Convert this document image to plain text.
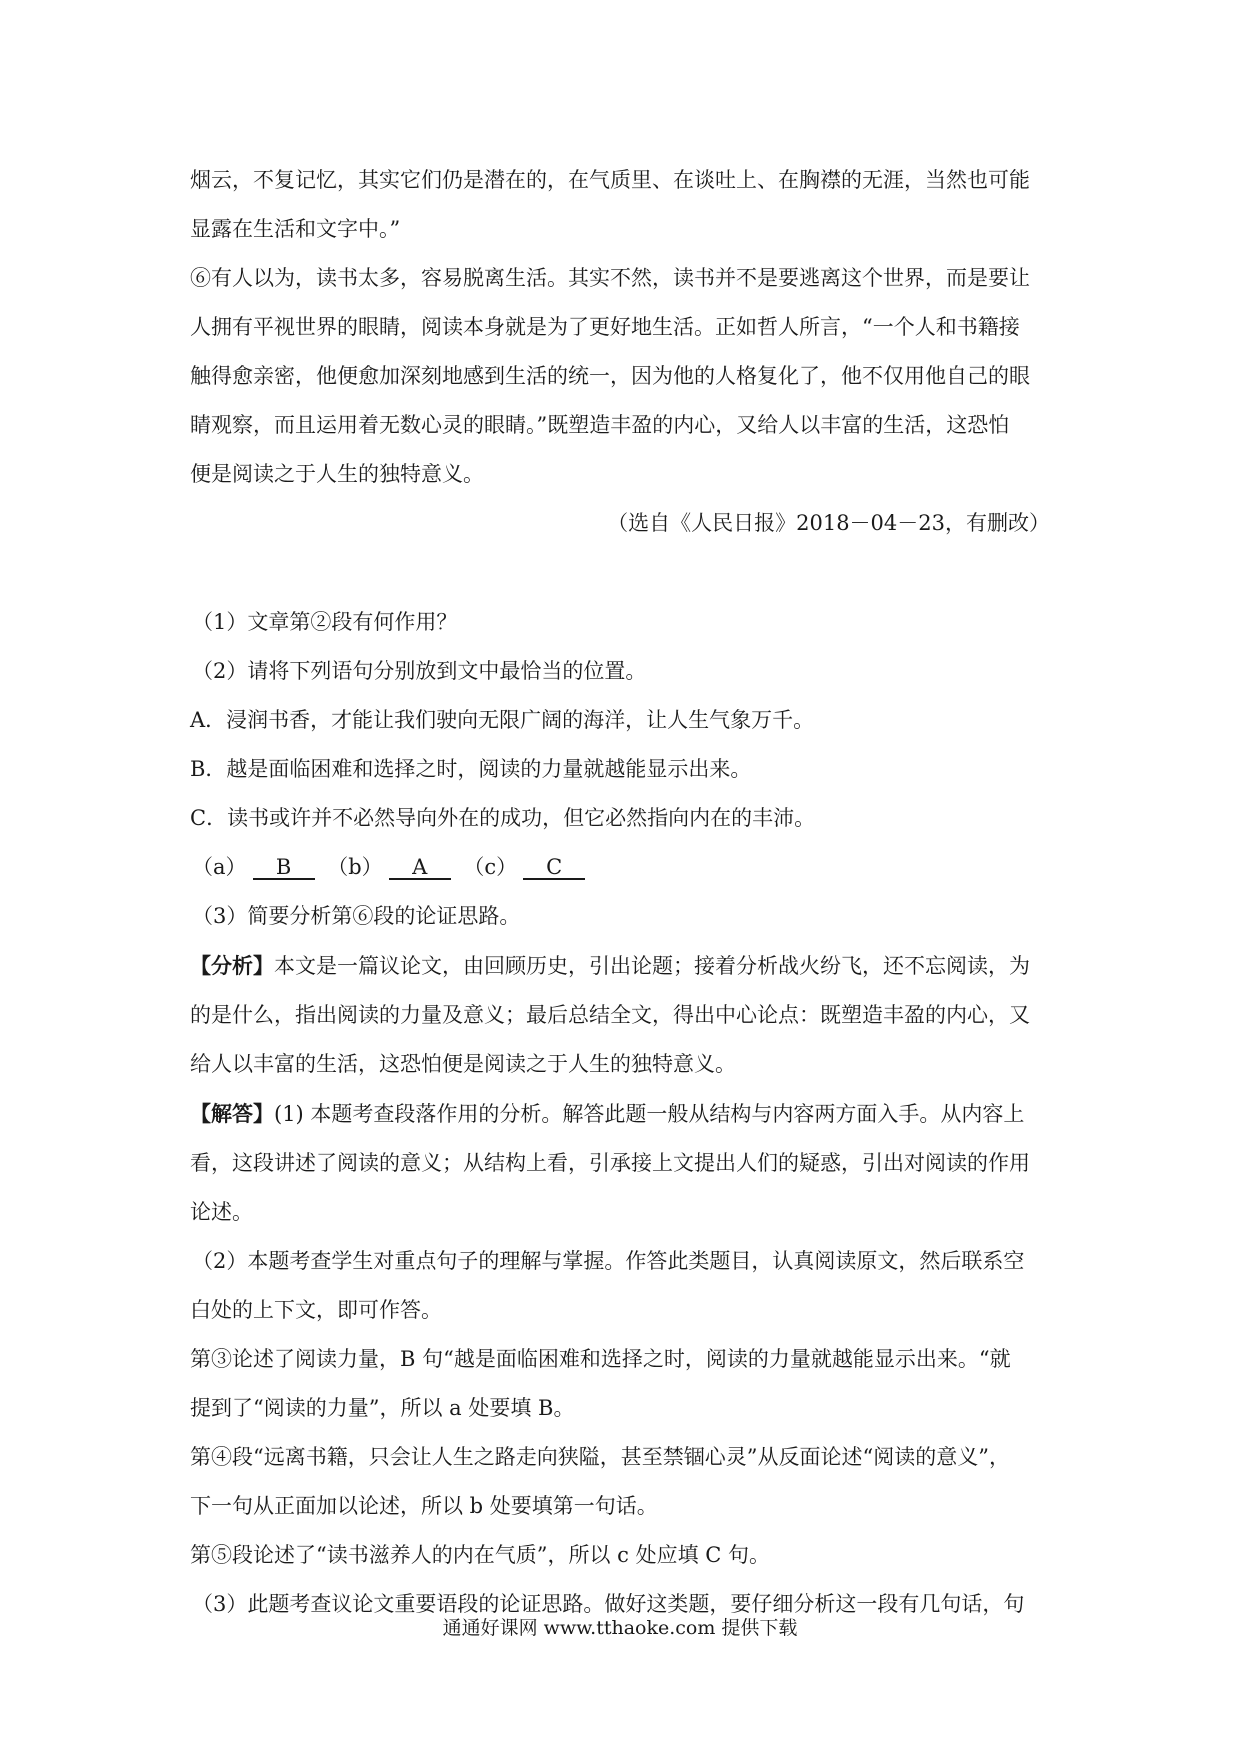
烟云，不复记忆，其实它们仍是潜在的，在气质里、在谈吐上、在胸襟的无涯，当然也可能

显露在生活和文字中。”

⑥有人以为，读书太多，容易脱离生活。其实不然，读书并不是要逃离这个世界，而是要让

人拥有平视世界的眼睛，阅读本身就是为了更好地生活。正如哲人所言，“一个人和书籍接

触得愈亲密，他便愈加深刻地感到生活的统一，因为他的人格复化了，他不仅用他自己的眼

睛观察，而且运用着无数心灵的眼睛。”既塑造丰盈的内心，又给人以丰富的生活，这恐怕

便是阅读之于人生的独特意义。

（选自《人民日报》2018－04－23，有删改）

（1）文章第②段有何作用？

（2）请将下列语句分别放到文中最恰当的位置。

A．浸润书香，才能让我们驶向无限广阔的海洋，让人生气象万千。

B．越是面临困难和选择之时，阅读的力量就越能显示出来。

C．读书或许并不必然导向外在的成功，但它必然指向内在的丰沛。

（a） B （b） A （c） C

（3）简要分析第⑥段的论证思路。

【分析】本文是一篇议论文，由回顾历史，引出论题；接着分析战火纷飞，还不忘阅读，为

的是什么，指出阅读的力量及意义；最后总结全文，得出中心论点：既塑造丰盈的内心，又

给人以丰富的生活，这恐怕便是阅读之于人生的独特意义。

【解答】(1) 本题考查段落作用的分析。解答此题一般从结构与内容两方面入手。从内容上

看，这段讲述了阅读的意义；从结构上看，引承接上文提出人们的疑惑，引出对阅读的作用

论述。

（2）本题考查学生对重点句子的理解与掌握。作答此类题目，认真阅读原文，然后联系空

白处的上下文，即可作答。

第③论述了阅读力量，B 句“越是面临困难和选择之时，阅读的力量就越能显示出来。“就

提到了“阅读的力量”，所以 a 处要填 B。

第④段“远离书籍，只会让人生之路走向狭隘，甚至禁锢心灵”从反面论述“阅读的意义”，

下一句从正面加以论述，所以 b 处要填第一句话。

第⑤段论述了“读书滋养人的内在气质”，所以 c 处应填 C 句。

（3）此题考查议论文重要语段的论证思路。做好这类题，要仔细分析这一段有几句话，句

通通好课网 www.tthaoke.com 提供下载
